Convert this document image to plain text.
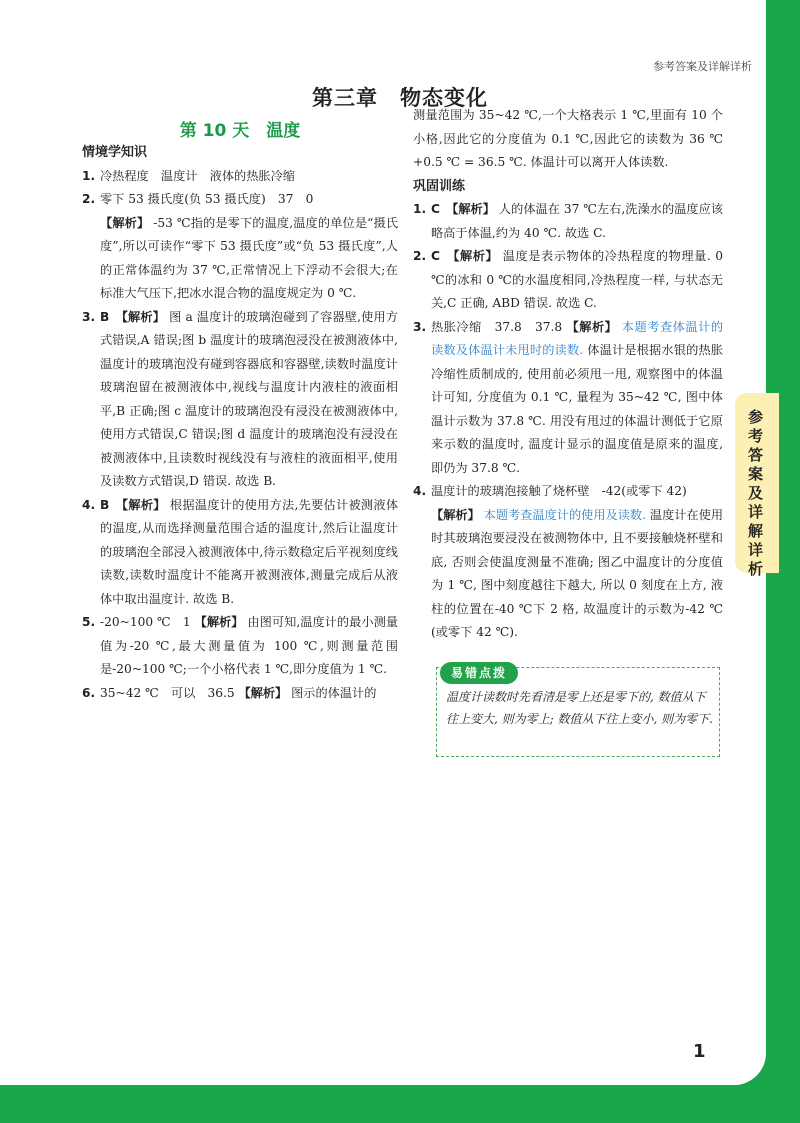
参考答案及详解详析
第三章　物态变化
第 10 天　温度
情境学知识
1. 冷热程度　温度计　液体的热胀冷缩
2. 零下 53 摄氏度(负 53 摄氏度)　37　0
【解析】 -53 ℃指的是零下的温度,温度的单位是“摄氏度”,所以可读作“零下 53 摄氏度”或“负 53 摄氏度”,人的正常体温约为 37 ℃,正常情况上下浮动不会很大;在标准大气压下,把冰水混合物的温度规定为 0 ℃.
3. B　 【解析】 图 a 温度计的玻璃泡碰到了容器壁,使用方式错误,A 错误;图 b 温度计的玻璃泡浸没在被测液体中,温度计的玻璃泡没有碰到容器底和容器壁,读数时温度计玻璃泡留在被测液体中,视线与温度计内液柱的液面相平,B 正确;图 c 温度计的玻璃泡没有浸没在被测液体中,使用方式错误,C 错误;图 d 温度计的玻璃泡没有浸没在被测液体中,且读数时视线没有与液柱的液面相平,使用及读数方式错误,D 错误. 故选 B.
4. B　 【解析】 根据温度计的使用方法,先要估计被测液体的温度,从而选择测量范围合适的温度计,然后让温度计的玻璃泡全部浸入被测液体中,待示数稳定后平视刻度线读数,读数时温度计不能离开被测液体,测量完成后从液体中取出温度计. 故选 B.
5. -20~100 ℃　1 【解析】 由图可知,温度计的最小测量值为-20 ℃,最大测量值为 100 ℃,则测量范围是-20~100 ℃;一个小格代表 1 ℃,即分度值为 1 ℃.
6. 35~42 ℃　可以　36.5 【解析】 图示的体温计的
测量范围为 35~42 ℃,一个大格表示 1 ℃,里面有 10 个小格,因此它的分度值为 0.1 ℃,因此它的读数为 36 ℃+0.5 ℃ = 36.5 ℃. 体温计可以离开人体读数.
巩固训练
1. C　 【解析】 人的体温在 37 ℃左右,洗澡水的温度应该略高于体温,约为 40 ℃. 故选 C.
2. C　 【解析】 温度是表示物体的冷热程度的物理量. 0 ℃的冰和 0 ℃的水温度相同,冷热程度一样, 与状态无关,C 正确, ABD 错误. 故选 C.
3. 热胀冷缩　37.8　37.8 【解析】 本题考查体温计的读数及体温计未甩时的读数. 体温计是根据水银的热胀冷缩性质制成的, 使用前必须甩一甩, 观察图中的体温计可知, 分度值为 0.1 ℃, 量程为 35~42 ℃, 图中体温计示数为 37.8 ℃. 用没有甩过的体温计测低于它原来示数的温度时, 温度计显示的温度值是原来的温度, 即仍为 37.8 ℃.
4. 温度计的玻璃泡接触了烧杯壁　-42(或零下 42)
【解析】 本题考查温度计的使用及读数. 温度计在使用时其玻璃泡要浸没在被测物体中, 且不要接触烧杯壁和底, 否则会使温度测量不准确; 图乙中温度计的分度值为 1 ℃, 图中刻度越往下越大, 所以 0 刻度在上方, 液柱的位置在-40 ℃下 2 格, 故温度计的示数为-42 ℃(或零下 42 ℃).
易错点拨
温度计读数时先看清是零上还是零下的, 数值从下往上变大, 则为零上; 数值从下往上变小, 则为零下.
参考答案及详解详析
1
